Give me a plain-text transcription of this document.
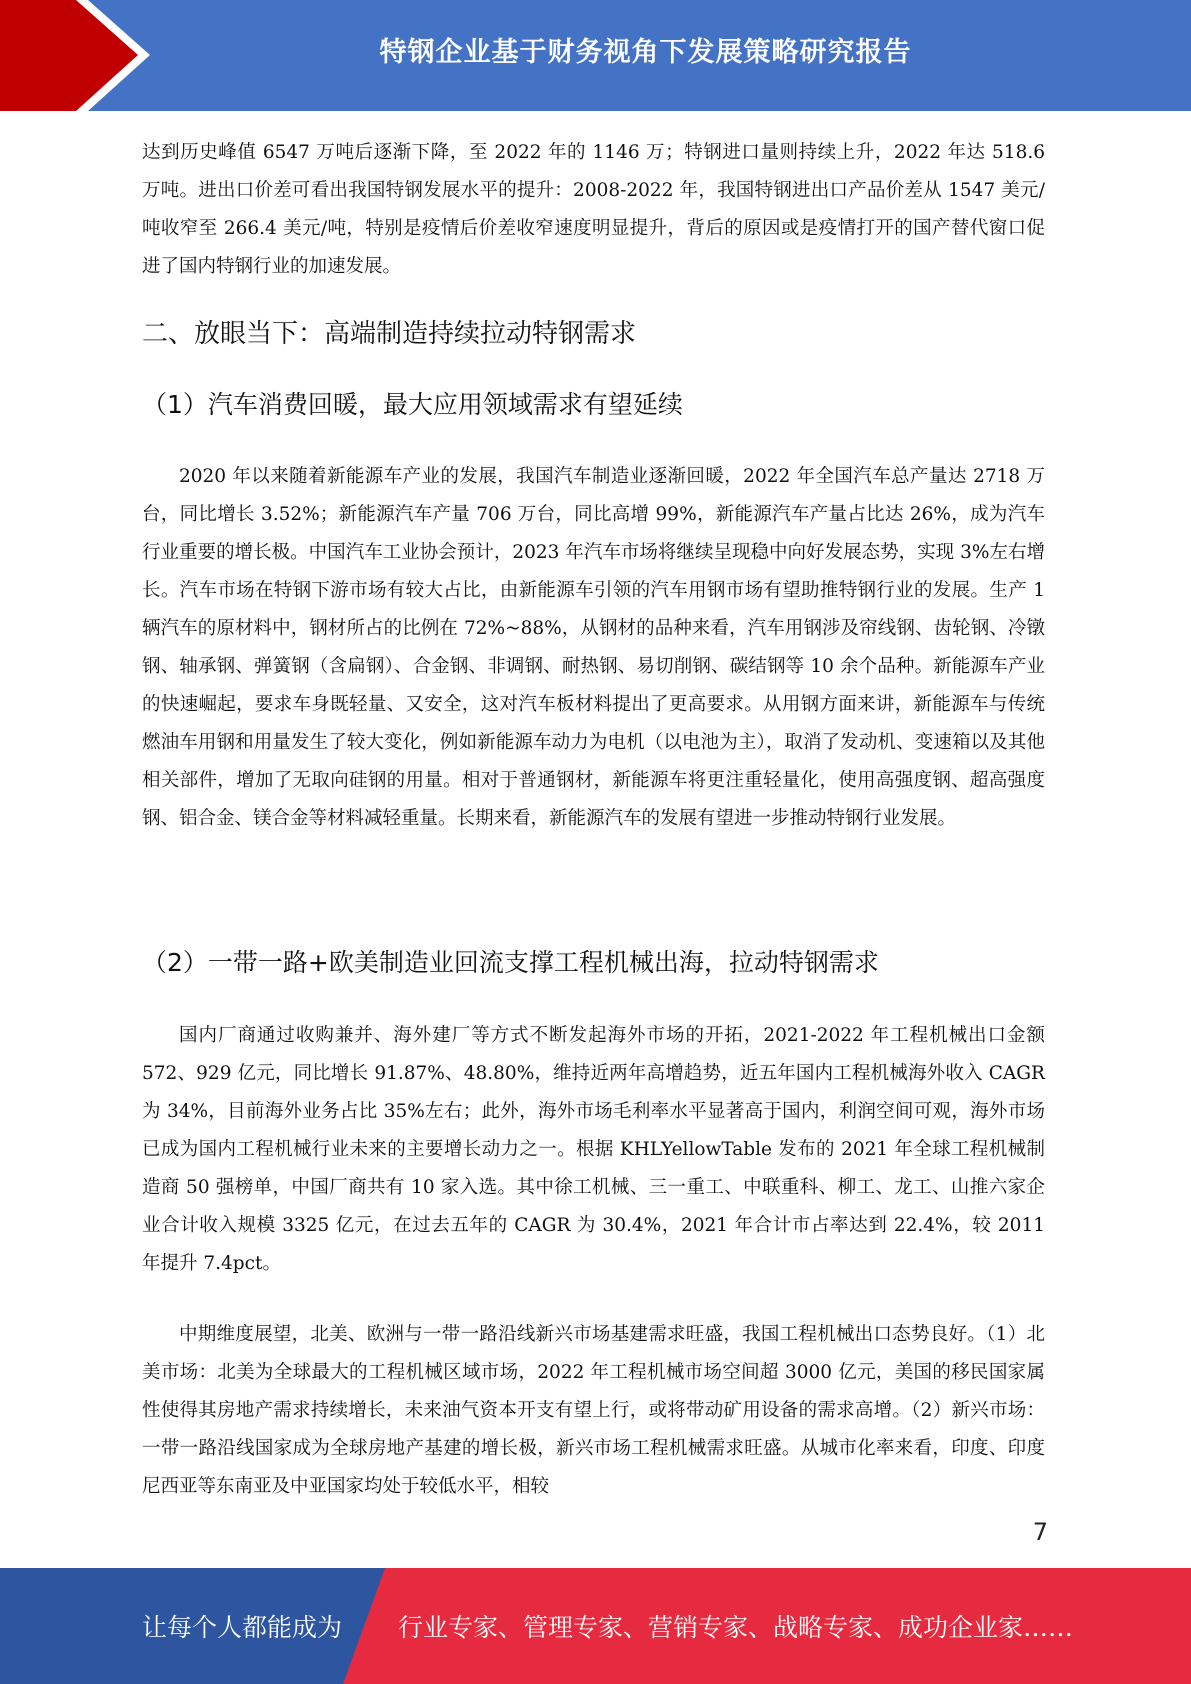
特钢企业基于财务视角下发展策略研究报告

达到历史峰值 6547 万吨后逐渐下降，至 2022 年的 1146 万；特钢进口量则持续上升，2022 年达 518.6 万吨。进出口价差可看出我国特钢发展水平的提升：2008-2022 年，我国特钢进出口产品价差从 1547 美元/吨收窄至 266.4 美元/吨，特别是疫情后价差收窄速度明显提升，背后的原因或是疫情打开的国产替代窗口促进了国内特钢行业的加速发展。

二、放眼当下：高端制造持续拉动特钢需求
（1）汽车消费回暖，最大应用领域需求有望延续

2020 年以来随着新能源车产业的发展，我国汽车制造业逐渐回暖，2022 年全国汽车总产量达 2718 万台，同比增长 3.52%；新能源汽车产量 706 万台，同比高增 99%，新能源汽车产量占比达 26%，成为汽车行业重要的增长极。中国汽车工业协会预计，2023 年汽车市场将继续呈现稳中向好发展态势，实现 3%左右增长。汽车市场在特钢下游市场有较大占比，由新能源车引领的汽车用钢市场有望助推特钢行业的发展。生产 1 辆汽车的原材料中，钢材所占的比例在 72%~88%，从钢材的品种来看，汽车用钢涉及帘线钢、齿轮钢、冷镦钢、轴承钢、弹簧钢（含扁钢）、合金钢、非调钢、耐热钢、易切削钢、碳结钢等 10 余个品种。新能源车产业的快速崛起，要求车身既轻量、又安全，这对汽车板材料提出了更高要求。从用钢方面来讲，新能源车与传统燃油车用钢和用量发生了较大变化，例如新能源车动力为电机（以电池为主），取消了发动机、变速箱以及其他相关部件，增加了无取向硅钢的用量。相对于普通钢材，新能源车将更注重轻量化，使用高强度钢、超高强度钢、铝合金、镁合金等材料减轻重量。长期来看，新能源汽车的发展有望进一步推动特钢行业发展。

（2）一带一路+欧美制造业回流支撑工程机械出海，拉动特钢需求

国内厂商通过收购兼并、海外建厂等方式不断发起海外市场的开拓，2021-2022 年工程机械出口金额 572、929 亿元，同比增长 91.87%、48.80%，维持近两年高增趋势，近五年国内工程机械海外收入 CAGR 为 34%，目前海外业务占比 35%左右；此外，海外市场毛利率水平显著高于国内，利润空间可观，海外市场已成为国内工程机械行业未来的主要增长动力之一。根据 KHLYellowTable 发布的 2021 年全球工程机械制造商 50 强榜单，中国厂商共有 10 家入选。其中徐工机械、三一重工、中联重科、柳工、龙工、山推六家企业合计收入规模 3325 亿元，在过去五年的 CAGR 为 30.4%，2021 年合计市占率达到 22.4%，较 2011 年提升 7.4pct。

中期维度展望，北美、欧洲与一带一路沿线新兴市场基建需求旺盛，我国工程机械出口态势良好。（1）北美市场：北美为全球最大的工程机械区域市场，2022 年工程机械市场空间超 3000 亿元，美国的移民国家属性使得其房地产需求持续增长，未来油气资本开支有望上行，或将带动矿用设备的需求高增。（2）新兴市场：一带一路沿线国家成为全球房地产基建的增长极，新兴市场工程机械需求旺盛。从城市化率来看，印度、印度尼西亚等东南亚及中亚国家均处于较低水平，相较

7
让每个人都能成为 行业专家、管理专家、营销专家、战略专家、成功企业家……
